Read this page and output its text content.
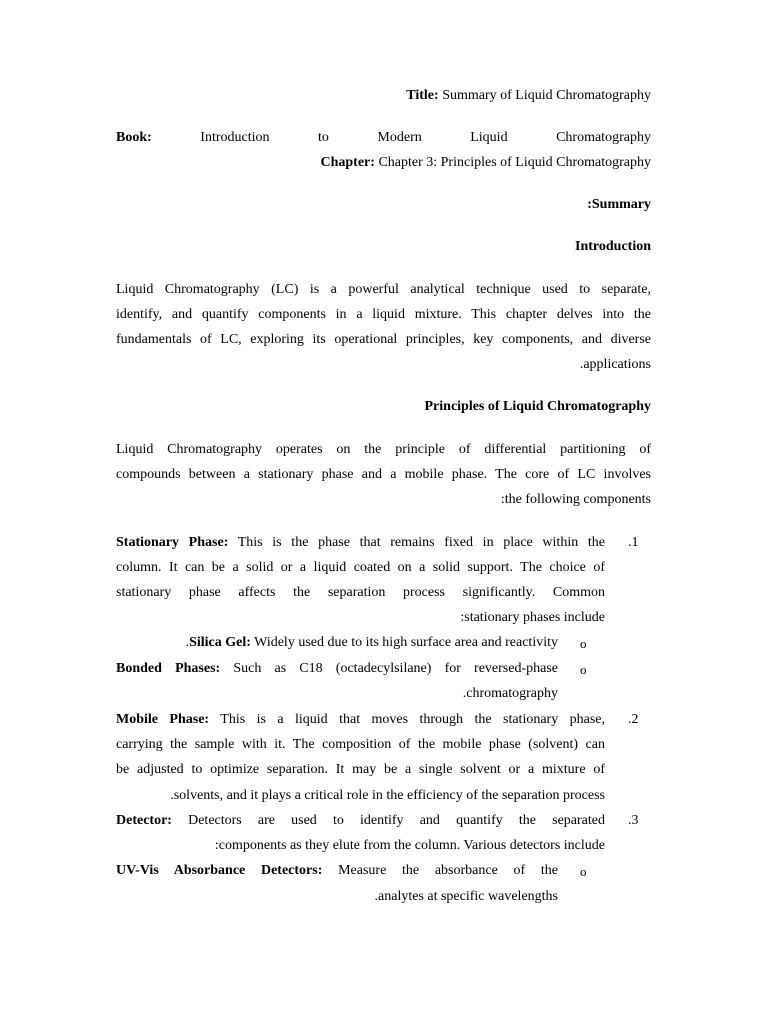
Title: Summary of Liquid Chromatography
Book:	Introduction	to	Modern	Liquid	Chromatography
Chapter: Chapter 3: Principles of Liquid Chromatography
:Summary
Introduction
Liquid Chromatography (LC) is a powerful analytical technique used to separate,
identify, and quantify components in a liquid mixture. This chapter delves into the
fundamentals of LC, exploring its operational principles, key components, and diverse
.applications
Principles of Liquid Chromatography
Liquid Chromatography operates on the principle of differential partitioning of
compounds between a stationary phase and a mobile phase. The core of LC involves
:the following components
.1
Stationary Phase: This is the phase that remains fixed in place within the
column. It can be a solid or a liquid coated on a solid support. The choice of
stationary phase affects the separation process significantly. Common
:stationary phases include
o
.Silica Gel: Widely used due to its high surface area and reactivity
o
Bonded Phases: Such as C18 (octadecylsilane) for reversed-phase
.chromatography
.2
Mobile Phase: This is a liquid that moves through the stationary phase,
carrying the sample with it. The composition of the mobile phase (solvent) can
be adjusted to optimize separation. It may be a single solvent or a mixture of
.solvents, and it plays a critical role in the efficiency of the separation process
.3
Detector: Detectors are used to identify and quantify the separated
:components as they elute from the column. Various detectors include
o
UV-Vis Absorbance Detectors: Measure the absorbance of the
.analytes at specific wavelengths
